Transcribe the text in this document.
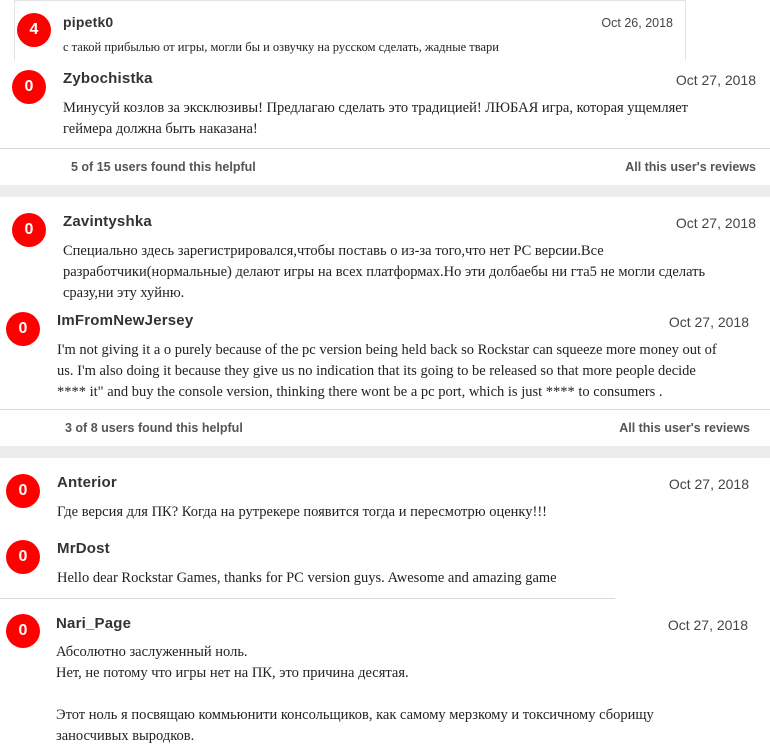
4	pipetk0	Oct 26, 2018

с такой прибылью от игры, могли бы и озвучку на русском сделать, жадные твари

0	Zybochistka	Oct 27, 2018

Минусуй козлов за эксклюзивы! Предлагаю сделать это традицией! ЛЮБАЯ игра, которая ущемляет

геймера должна быть наказана!

5 of 15 users found this helpful	All this user's reviews
0	Zavintyshka	Oct 27, 2018

Специально здесь зарегистрировался,чтобы поставь о из-за того,что нет PC версии.Все

разработчики(нормальные) делают игры на всех платформах.Но эти долбаебы ни гта5 не могли сделать

сразу,ни эту хуйню.

0	ImFromNewJersey	Oct 27, 2018

I'm not giving it a o purely because of the pc version being held back so Rockstar can squeeze more money out of

us. I'm also doing it because they give us no indication that its going to be released so that more people decide

**** it" and buy the console version, thinking there wont be a pc port, which is just **** to consumers .

3 of 8 users found this helpful	All this user's reviews
0	Anterior	Oct 27, 2018

Где версия для ПК? Когда на рутрекере появится тогда и пересмотрю оценку!!!

0	MrDost

Hello dear Rockstar Games, thanks for PC version guys. Awesome and amazing game

0	Nari_Page	Oct 27, 2018

Абсолютно заслуженный ноль.

Нет, не потому что игры нет на ПК, это причина десятая.

Этот ноль я посвящаю коммьюнити консольщиков, как самому мерзкому и токсичному сборищу

заносчивых выродков.
